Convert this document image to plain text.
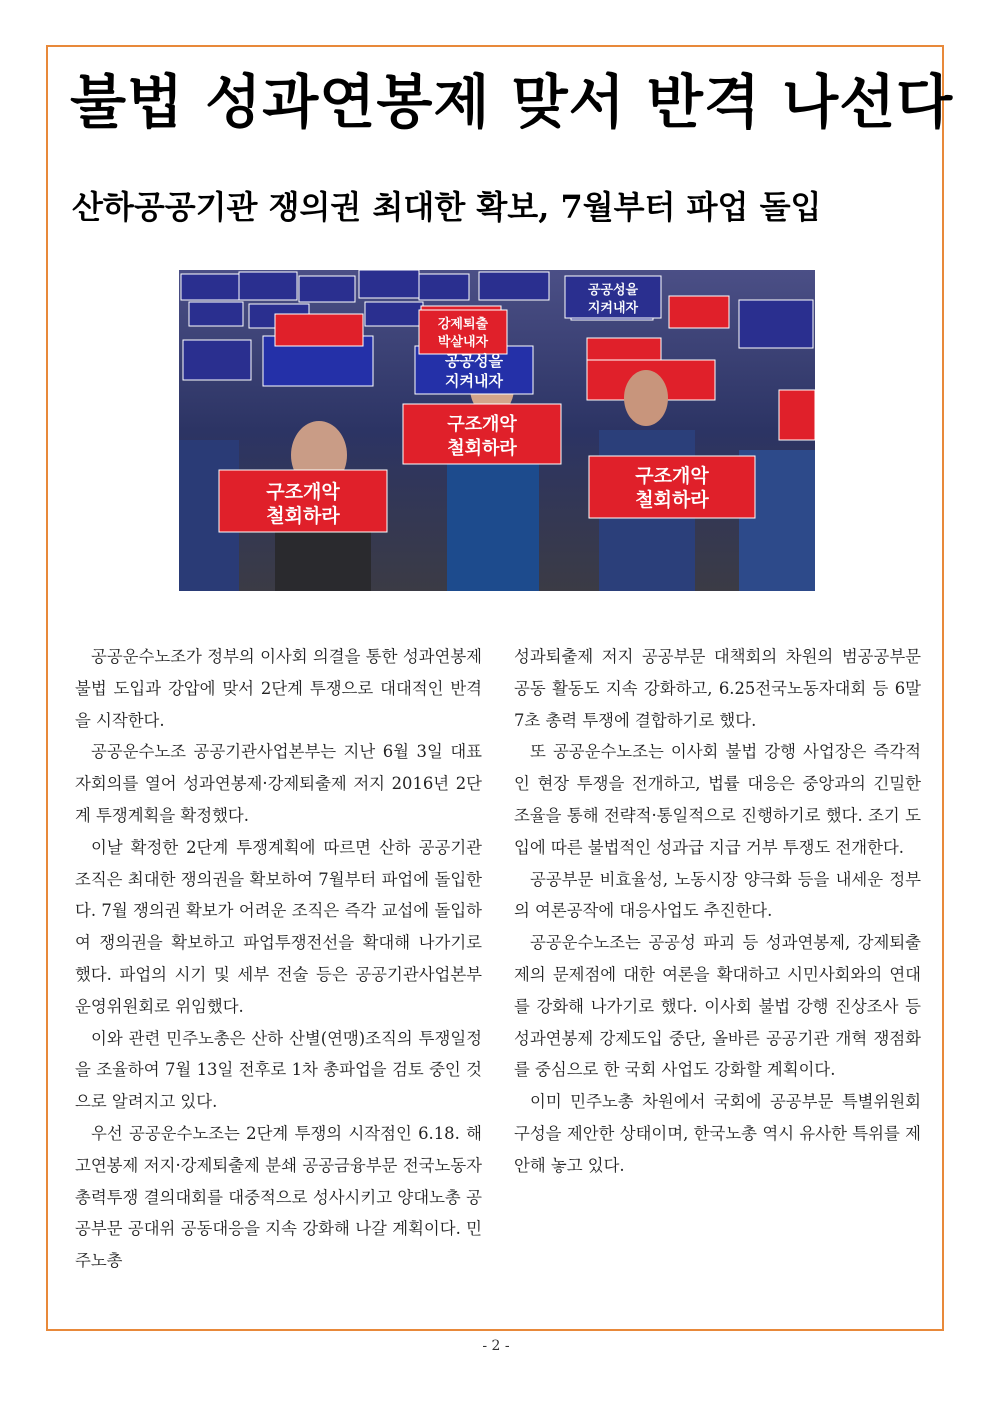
불법 성과연봉제 맞서 반격 나선다
산하공공기관 쟁의권 최대한 확보, 7월부터 파업 돌입
구조개악
철회하라
구조개악
철회하라
구조개악
철회하라
공공성을
지켜내자
강제퇴출
박살내자
공공성을
지켜내자

공공운수노조가 정부의 이사회 의결을 통한 성과연봉제 불법 도입과 강압에 맞서 2단계 투쟁으로 대대적인 반격을 시작한다.

공공운수노조 공공기관사업본부는 지난 6월 3일 대표자회의를 열어 성과연봉제·강제퇴출제 저지 2016년 2단계 투쟁계획을 확정했다.

이날 확정한 2단계 투쟁계획에 따르면 산하 공공기관 조직은 최대한 쟁의권을 확보하여 7월부터 파업에 돌입한다. 7월 쟁의권 확보가 어려운 조직은 즉각 교섭에 돌입하여 쟁의권을 확보하고 파업투쟁전선을 확대해 나가기로 했다. 파업의 시기 및 세부 전술 등은 공공기관사업본부 운영위원회로 위임했다.

이와 관련 민주노총은 산하 산별(연맹)조직의 투쟁일정을 조율하여 7월 13일 전후로 1차 총파업을 검토 중인 것으로 알려지고 있다.

우선 공공운수노조는 2단계 투쟁의 시작점인 6.18. 해고연봉제 저지·강제퇴출제 분쇄 공공금융부문 전국노동자 총력투쟁 결의대회를 대중적으로 성사시키고 양대노총 공공부문 공대위 공동대응을 지속 강화해 나갈 계획이다. 민주노총

성과퇴출제 저지 공공부문 대책회의 차원의 범공공부문 공동 활동도 지속 강화하고, 6.25전국노동자대회 등 6말7초 총력 투쟁에 결합하기로 했다.

또 공공운수노조는 이사회 불법 강행 사업장은 즉각적인 현장 투쟁을 전개하고, 법률 대응은 중앙과의 긴밀한 조율을 통해 전략적·통일적으로 진행하기로 했다. 조기 도입에 따른 불법적인 성과급 지급 거부 투쟁도 전개한다.

공공부문 비효율성, 노동시장 양극화 등을 내세운 정부의 여론공작에 대응사업도 추진한다.

공공운수노조는 공공성 파괴 등 성과연봉제, 강제퇴출제의 문제점에 대한 여론을 확대하고 시민사회와의 연대를 강화해 나가기로 했다. 이사회 불법 강행 진상조사 등 성과연봉제 강제도입 중단, 올바른 공공기관 개혁 쟁점화를 중심으로 한 국회 사업도 강화할 계획이다.

이미 민주노총 차원에서 국회에 공공부문 특별위원회 구성을 제안한 상태이며, 한국노총 역시 유사한 특위를 제안해 놓고 있다.

- 2 -
